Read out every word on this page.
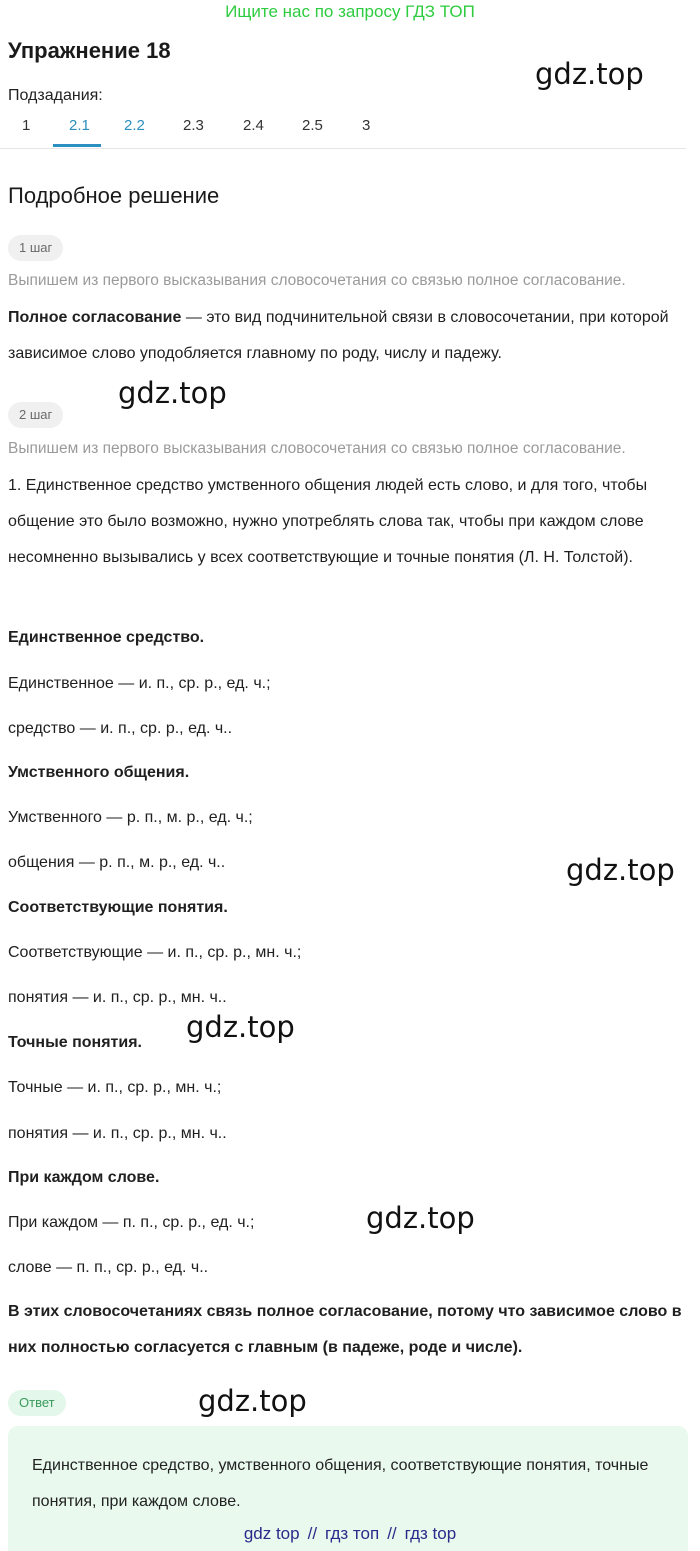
Ищите нас по запросу ГДЗ ТОП
Упражнение 18
gdz.top
Подзадания:
1	2.1 2.2	2.3	2.4	2.5	3
Подробное решение
1 шаг
Выпишем из первого высказывания словосочетания со связью полное согласование.
Полное согласование — это вид подчинительной связи в словосочетании, при которой зависимое слово уподобляется главному по роду, числу и падежу.
gdz.top
2 шаг
Выпишем из первого высказывания словосочетания со связью полное согласование.
1. Единственное средство умственного общения людей есть слово, и для того, чтобы общение это было возможно, нужно употреблять слова так, чтобы при каждом слове несомненно вызывались у всех соответствующие и точные понятия (Л. Н. Толстой).
Единственное средство.
Единственное — и. п., ср. р., ед. ч.;
средство — и. п., ср. р., ед. ч..
Умственного общения.
Умственного — р. п., м. р., ед. ч.;
общения — р. п., м. р., ед. ч..	gdz.top
Соответствующие понятия.
Соответствующие — и. п., ср. р., мн. ч.;
понятия — и. п., ср. р., мн. ч..
gdz.top
Точные понятия.
Точные — и. п., ср. р., мн. ч.;
понятия — и. п., ср. р., мн. ч..
При каждом слове.
При каждом — п. п., ср. р., ед. ч.;
слове — п. п., ср. р., ед. ч..
gdz.top
В этих словосочетаниях связь полное согласование, потому что зависимое слово в них полностью согласуется с главным (в падеже, роде и числе).
Ответ	gdz.top
Единственное средство, умственного общения, соответствующие понятия, точные понятия, при каждом слове.
gdz top // гдз топ // гдз top
